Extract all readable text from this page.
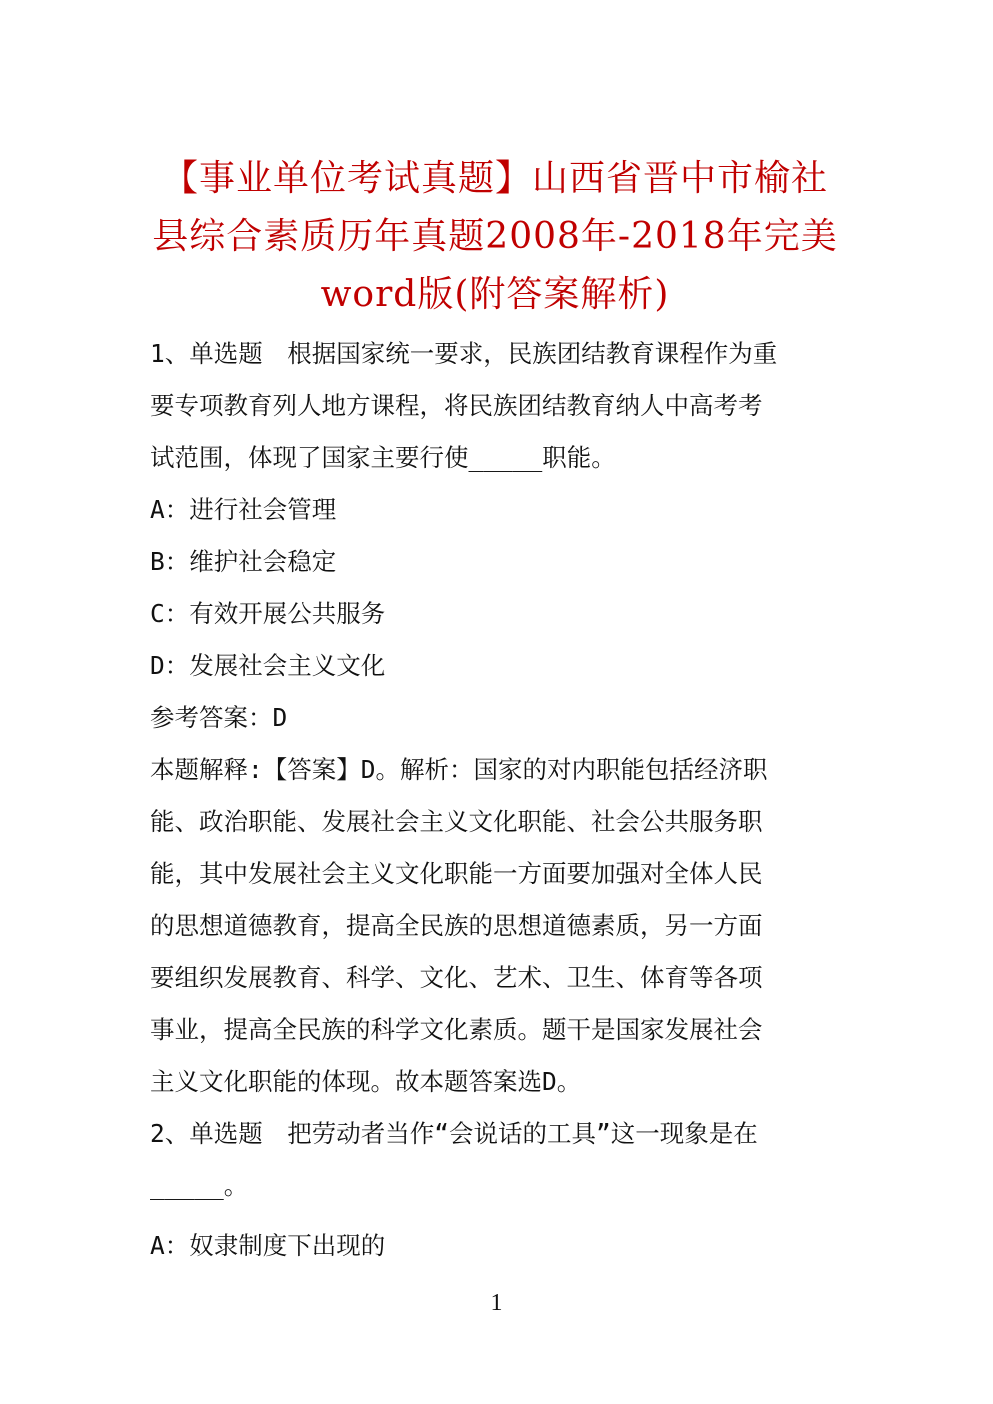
【事业单位考试真题】山西省晋中市榆社
县综合素质历年真题2008年-2018年完美
word版(附答案解析)
1、单选题　根据国家统一要求，民族团结教育课程作为重
要专项教育列人地方课程，将民族团结教育纳人中高考考
试范围，体现了国家主要行使_____职能。
A：进行社会管理
B：维护社会稳定
C：有效开展公共服务
D：发展社会主义文化
参考答案：D
本题解释:【答案】D。解析：国家的对内职能包括经济职
能、政治职能、发展社会主义文化职能、社会公共服务职
能，其中发展社会主义文化职能一方面要加强对全体人民
的思想道德教育，提高全民族的思想道德素质，另一方面
要组织发展教育、科学、文化、艺术、卫生、体育等各项
事业，提高全民族的科学文化素质。题干是国家发展社会
主义文化职能的体现。故本题答案选D。
2、单选题　把劳动者当作“会说话的工具”这一现象是在
_____。
A：奴隶制度下出现的
1
